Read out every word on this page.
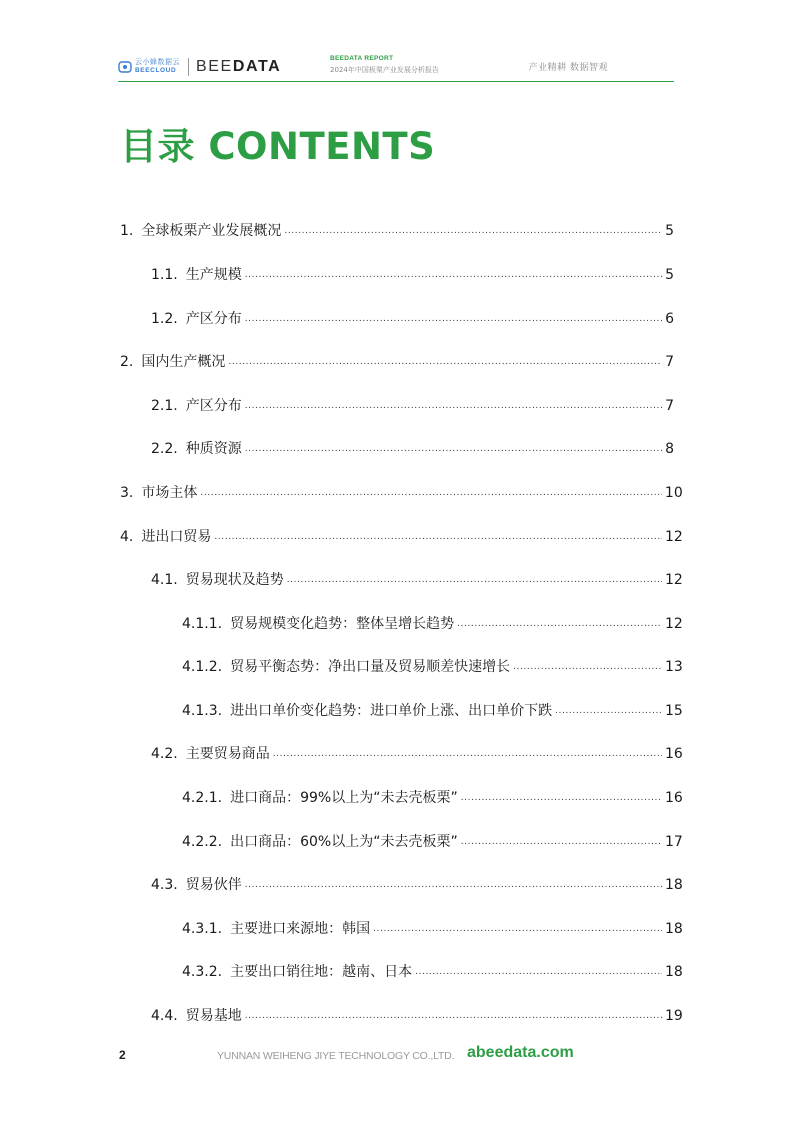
云小蜂数据云
BEECLOUD BEEDATA	BEEDATA REPORT
2024年中国板栗产业发展分析报告	产业精耕 数据智观
目录 CONTENTS
1. 全球板栗产业发展概况 .....	5
1.1. 生产规模 .....	5
1.2. 产区分布 .....	6
2. 国内生产概况 .....	7
2.1. 产区分布 .....	7
2.2. 种质资源 .....	8
3. 市场主体 .....	10
4. 进出口贸易 .....	12
4.1. 贸易现状及趋势 .....	12
4.1.1. 贸易规模变化趋势：整体呈增长趋势 .....	12
4.1.2. 贸易平衡态势：净出口量及贸易顺差快速增长 .....	13
4.1.3. 进出口单价变化趋势：进口单价上涨、出口单价下跌 .....	15
4.2. 主要贸易商品 .....	16
4.2.1. 进口商品：99%以上为“未去壳板栗” .....	16
4.2.2. 出口商品：60%以上为“未去壳板栗” .....	17
4.3. 贸易伙伴 .....	18
4.3.1. 主要进口来源地：韩国 .....	18
4.3.2. 主要出口销往地：越南、日本 .....	18
4.4. 贸易基地 .....	19
2	YUNNAN WEIHENG JIYE TECHNOLOGY CO.,LTD. abeedata.com
